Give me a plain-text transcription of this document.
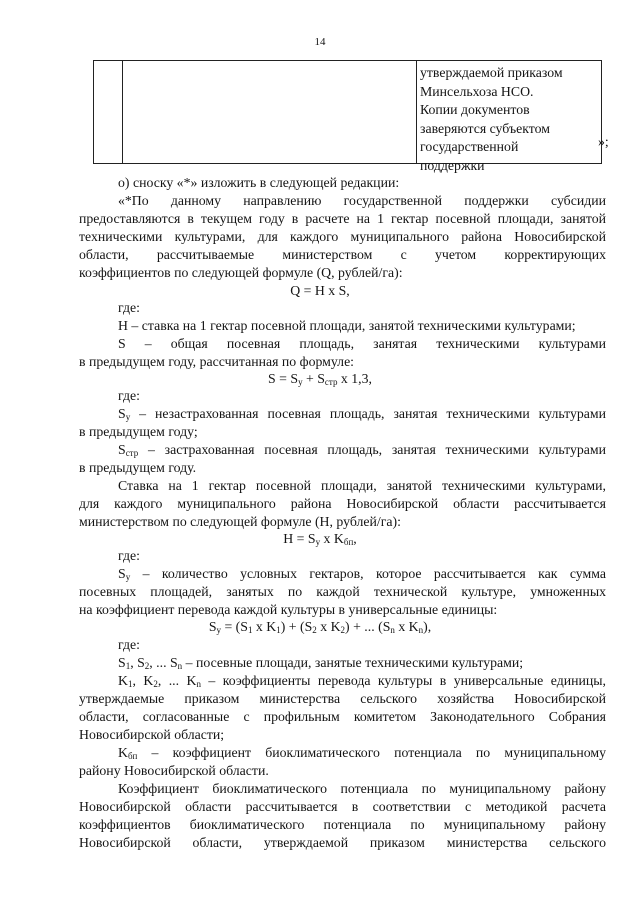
14
утверждаемой приказом
Минсельхоза НСО.
Копии документов
заверяются субъектом
государственной
поддержки
»;
о) сноску «*» изложить в следующей редакции:
«*По данному направлению государственной поддержки субсидии
предоставляются в текущем году в расчете на 1 гектар посевной площади, занятой
техническими культурами, для каждого муниципального района Новосибирской
области, рассчитываемые министерством с учетом корректирующих
коэффициентов по следующей формуле (Q, рублей/га):
Q = H x S,
где:
H – ставка на 1 гектар посевной площади, занятой техническими культурами;
S – общая посевная площадь, занятая техническими культурами
в предыдущем году, рассчитанная по формуле:
$S = S_у + S_{стр}$ x 1,3,
где:
$S_у$ – незастрахованная посевная площадь, занятая техническими культурами
в предыдущем году;
$S_{стр}$ – застрахованная посевная площадь, занятая техническими культурами
в предыдущем году.
Ставка на 1 гектар посевной площади, занятой техническими культурами,
для каждого муниципального района Новосибирской области рассчитывается
министерством по следующей формуле (H, рублей/га):
$H = S_у$ x $K_{бп}$,
где:
$S_у$ – количество условных гектаров, которое рассчитывается как сумма
посевных площадей, занятых по каждой технической культуре, умноженных
на коэффициент перевода каждой культуры в универсальные единицы:
$S_у = (S_1$ x $K_1) + (S_2$ x $K_2$) + ... ($S_n$ x $K_n$),
где:
$S_1$, $S_2$, ... $S_n$ – посевные площади, занятые техническими культурами;
$K_1$, $K_2$, ... $K_n$ – коэффициенты перевода культуры в универсальные единицы,
утверждаемые приказом министерства сельского хозяйства Новосибирской
области, согласованные с профильным комитетом Законодательного Собрания
Новосибирской области;
$K_{бп}$ – коэффициент биоклиматического потенциала по муниципальному
району Новосибирской области.
Коэффициент биоклиматического потенциала по муниципальному району
Новосибирской области рассчитывается в соответствии с методикой расчета
коэффициентов биоклиматического потенциала по муниципальному району
Новосибирской области, утверждаемой приказом министерства сельского
